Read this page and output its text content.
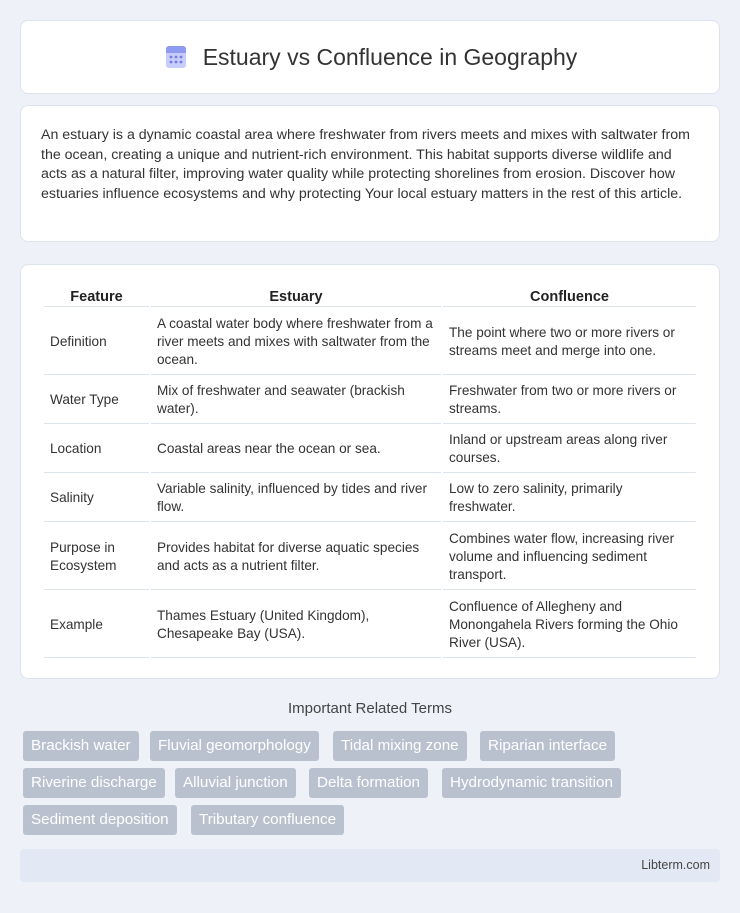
Estuary vs Confluence in Geography

An estuary is a dynamic coastal area where freshwater from rivers meets and mixes with saltwater from the ocean, creating a unique and nutrient-rich environment. This habitat supports diverse wildlife and acts as a natural filter, improving water quality while protecting shorelines from erosion. Discover how estuaries influence ecosystems and why protecting Your local estuary matters in the rest of this article.

Feature	Estuary	Confluence
Definition	A coastal water body where freshwater from a river meets and mixes with saltwater from the ocean.	The point where two or more rivers or streams meet and merge into one.
Water Type	Mix of freshwater and seawater (brackish water).	Freshwater from two or more rivers or streams.
Location	Coastal areas near the ocean or sea.	Inland or upstream areas along river courses.
Salinity	Variable salinity, influenced by tides and river flow.	Low to zero salinity, primarily freshwater.
Purpose in Ecosystem	Provides habitat for diverse aquatic species and acts as a nutrient filter.	Combines water flow, increasing river volume and influencing sediment transport.
Example	Thames Estuary (United Kingdom), Chesapeake Bay (USA).	Confluence of Allegheny and Monongahela Rivers forming the Ohio River (USA).
Important Related Terms
Brackish water	Fluvial geomorphology	Tidal mixing zone	Riparian interface
Riverine discharge	Alluvial junction	Delta formation	Hydrodynamic transition
Sediment deposition	Tributary confluence
Libterm.com
